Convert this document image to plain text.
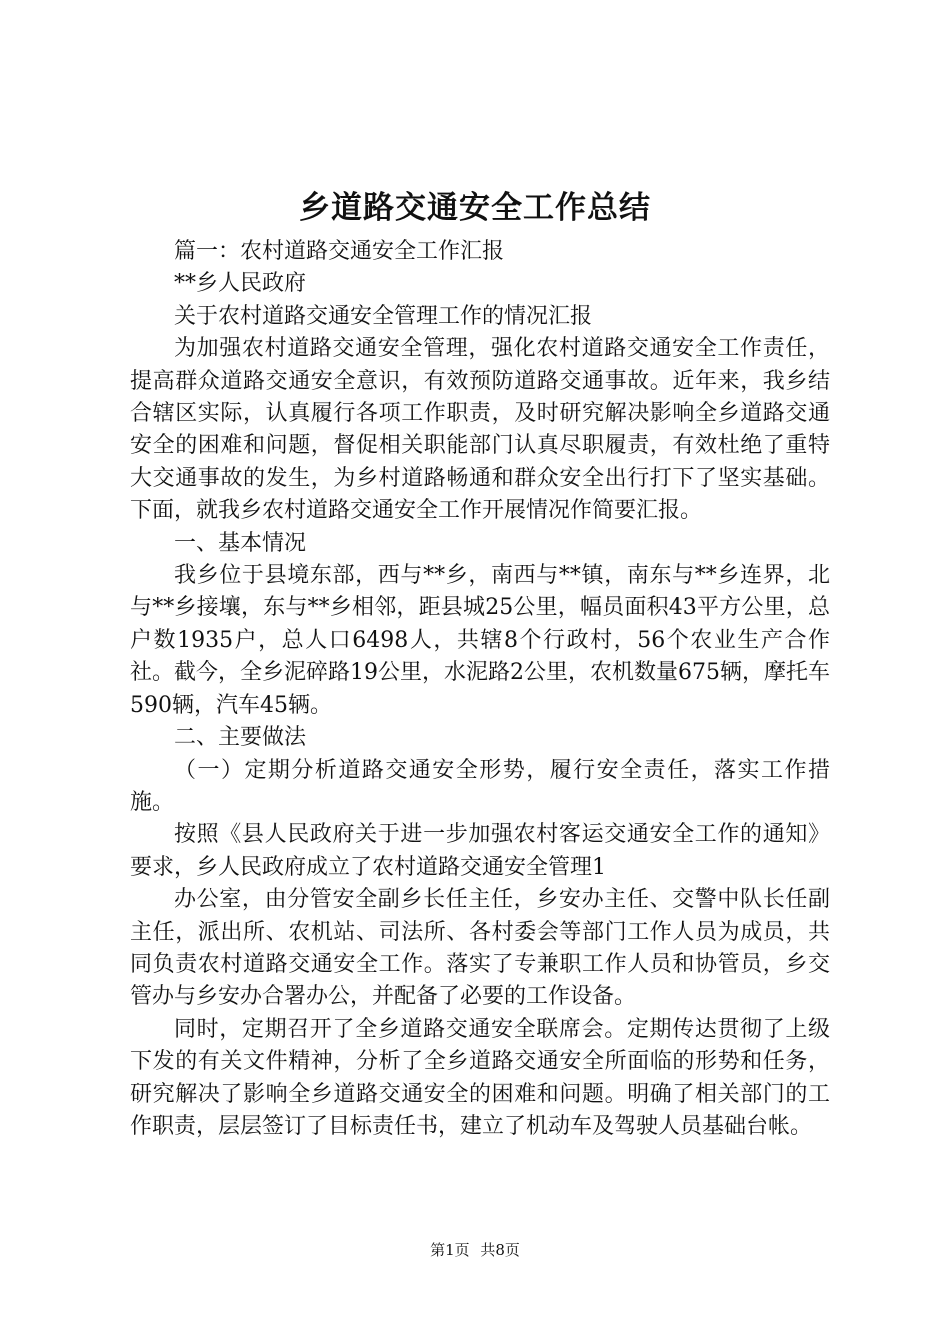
乡道路交通安全工作总结

篇一：农村道路交通安全工作汇报

**乡人民政府

关于农村道路交通安全管理工作的情况汇报

为加强农村道路交通安全管理，强化农村道路交通安全工作责任，提高群众道路交通安全意识，有效预防道路交通事故。近年来，我乡结合辖区实际，认真履行各项工作职责，及时研究解决影响全乡道路交通安全的困难和问题，督促相关职能部门认真尽职履责，有效杜绝了重特大交通事故的发生，为乡村道路畅通和群众安全出行打下了坚实基础。下面，就我乡农村道路交通安全工作开展情况作简要汇报。

一、基本情况

我乡位于县境东部，西与**乡，南西与**镇，南东与**乡连界，北与**乡接壤，东与**乡相邻，距县城25公里，幅员面积43平方公里，总户数1935户，总人口6498人，共辖8个行政村，56个农业生产合作社。截今，全乡泥碎路19公里，水泥路2公里，农机数量675辆，摩托车590辆，汽车45辆。

二、主要做法

（一）定期分析道路交通安全形势，履行安全责任，落实工作措施。

按照《县人民政府关于进一步加强农村客运交通安全工作的通知》要求，乡人民政府成立了农村道路交通安全管理1

办公室，由分管安全副乡长任主任，乡安办主任、交警中队长任副主任，派出所、农机站、司法所、各村委会等部门工作人员为成员，共同负责农村道路交通安全工作。落实了专兼职工作人员和协管员，乡交管办与乡安办合署办公，并配备了必要的工作设备。

同时，定期召开了全乡道路交通安全联席会。定期传达贯彻了上级下发的有关文件精神，分析了全乡道路交通安全所面临的形势和任务，研究解决了影响全乡道路交通安全的困难和问题。明确了相关部门的工作职责，层层签订了目标责任书，建立了机动车及驾驶人员基础台帐。

第1页 共8页
